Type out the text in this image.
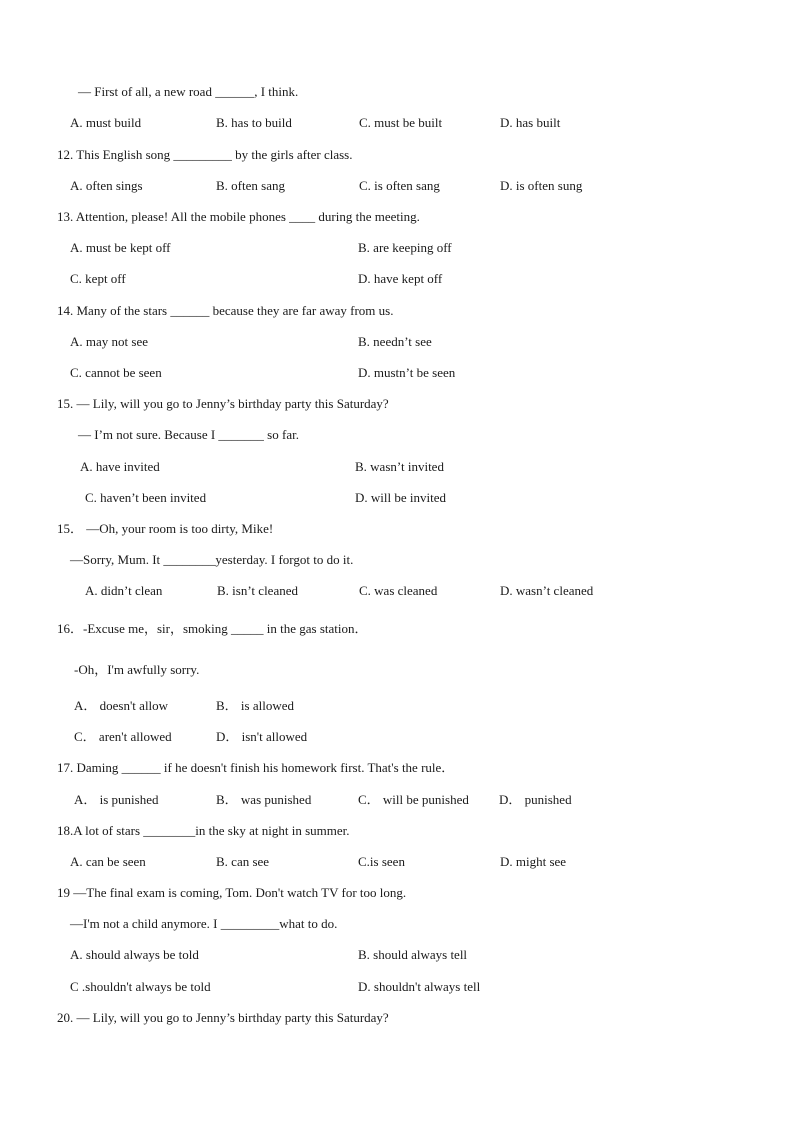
— First of all, a new road ______, I think.
A. must build	B. has to build	C. must be built	D. has built
12. This English song _________ by the girls after class.
A. often sings	B. often sang	C. is often sang	D. is often sung
13. Attention, please! All the mobile phones ____ during the meeting.
A. must be kept off	B. are keeping off
C. kept off	D. have kept off
14. Many of the stars ______ because they are far away from us.
A. may not see	B. needn’t see
C. cannot be seen	D. mustn’t be seen
15. — Lily, will you go to Jenny’s birthday party this Saturday?
— I’m not sure. Because I _______ so far.
A. have invited	B. wasn’t invited
C. haven’t been invited	D. will be invited
15． —Oh, your room is too dirty, Mike!
—Sorry, Mum. It ________yesterday. I forgot to do it.
A. didn’t clean	B. isn’t cleaned	C. was cleaned	D. wasn’t cleaned
16．-Excuse me，sir，smoking _____ in the gas station．
-Oh，I'm awfully sorry.
A． doesn't allow	B． is allowed
C． aren't allowed	D． isn't allowed
17. Daming ______ if he doesn't finish his homework first. That's the rule．
A． is punished	B． was punished	C． will be punished D． punished
18.A lot of stars ________in the sky at night in summer.
A. can be seen	B. can see	C.is seen	D. might see
19 —The final exam is coming, Tom. Don't watch TV for too long.
—I'm not a child anymore. I _________what to do.
A. should always be told	B. should always tell
C .shouldn't always be told	D. shouldn't always tell
20. — Lily, will you go to Jenny’s birthday party this Saturday?
